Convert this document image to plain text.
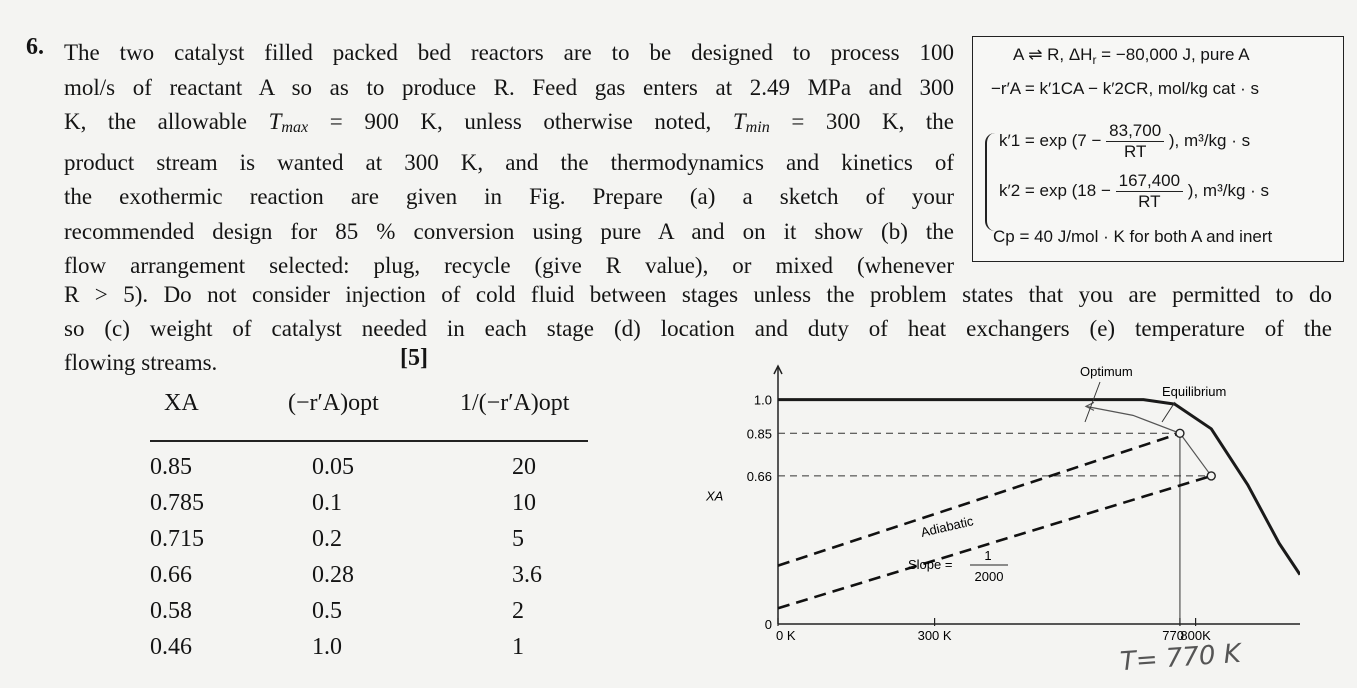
6. The two catalyst filled packed bed reactors are to be designed to process 100
mol/s of reactant A so as to produce R. Feed gas enters at 2.49 MPa and 300
K, the allowable Tmax = 900 K, unless otherwise noted, Tmin = 300 K, the
product stream is wanted at 300 K, and the thermodynamics and kinetics of
the exothermic reaction are given in Fig. Prepare (a) a sketch of your
recommended design for 85 % conversion using pure A and on it show (b) the
flow arrangement selected: plug, recycle (give R value), or mixed (whenever
R > 5). Do not consider injection of cold fluid between stages unless the problem states that you are permitted to do
so (c) weight of catalyst needed in each stage (d) location and duty of heat exchangers (e) temperature of the
flowing streams.	[5]
A ⇌ R, $\Delta H_r = -80,000$ J, pure A
−r′A = k′1CA − k′2CR, mol/kg cat · s
$k'1 = \exp (7 - \frac{83,700}{RT}$ ), m³/kg · s
$k'2 = \exp (18 - \frac{167,400}{RT}$ ), m³/kg · s
Cp = 40 J/mol · K for both A and inert
XA	(−r′A)opt	1/(−r′A)opt
0.85	0.05	20
0.785	0.1	10
0.715	0.2	5
0.66	0.28	3.6
0.58	0.5	2
0.46	1.0	1
XA
0
0.66
0.85
1.0
0 K	300 K	770
800K
Optimum
Equilibrium
Adiabatic
Slope =
1
2000
T= 770 K
